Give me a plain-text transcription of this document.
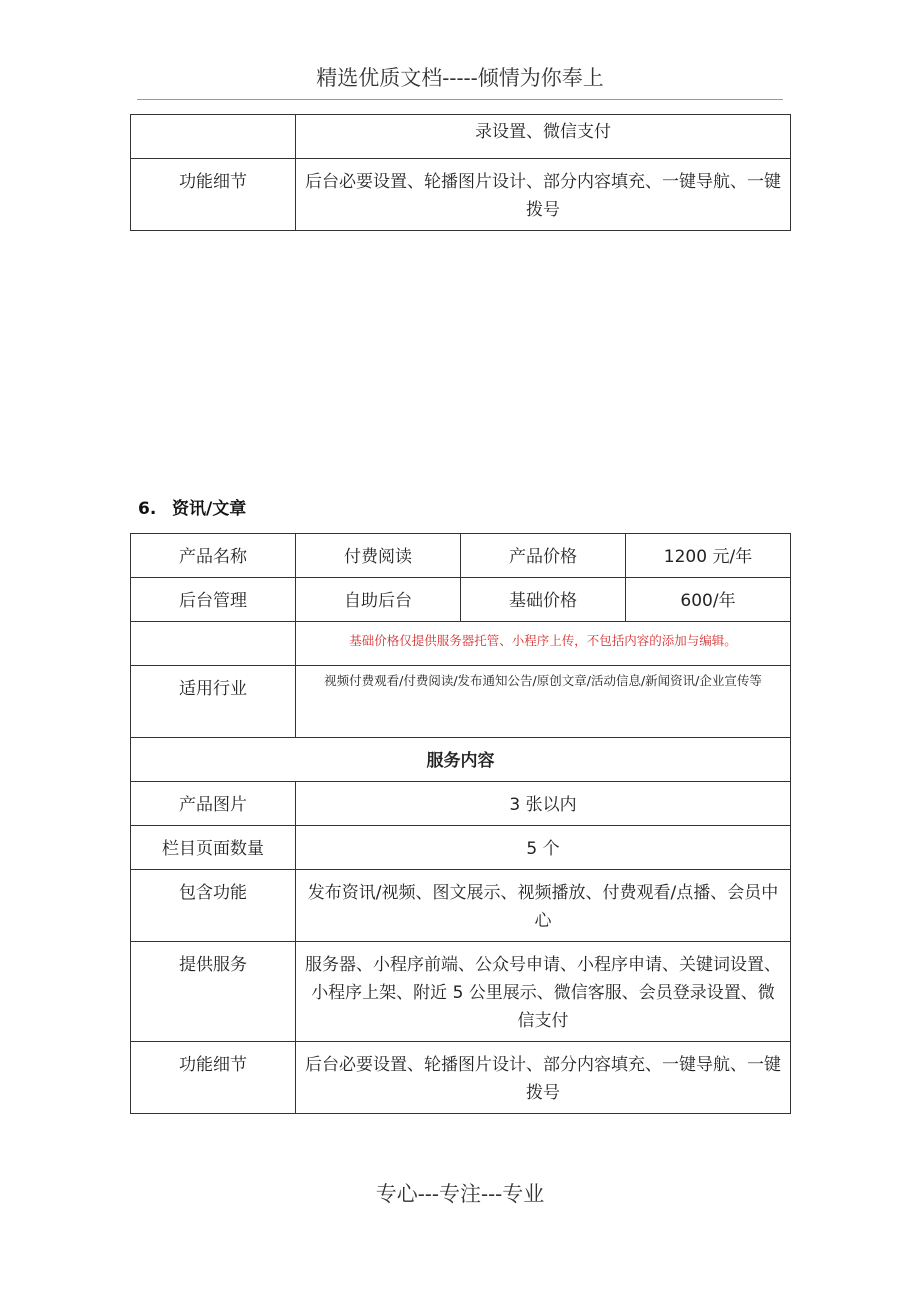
精选优质文档-----倾情为你奉上
	录设置、微信支付
功能细节	后台必要设置、轮播图片设计、部分内容填充、一键导航、一键拨号
6. 资讯/文章
产品名称	付费阅读	产品价格	1200 元/年
后台管理	自助后台	基础价格	600/年
	基础价格仅提供服务器托管、小程序上传，不包括内容的添加与编辑。		
适用行业	视频付费观看/付费阅读/发布通知公告/原创文章/活动信息/新闻资讯/企业宣传等		
服务内容			
产品图片	3 张以内		
栏目页面数量	5 个		
包含功能	发布资讯/视频、图文展示、视频播放、付费观看/点播、会员中心		
提供服务	服务器、小程序前端、公众号申请、小程序申请、关键词设置、小程序上架、附近 5 公里展示、微信客服、会员登录设置、微信支付		
功能细节	后台必要设置、轮播图片设计、部分内容填充、一键导航、一键拨号		
专心---专注---专业
